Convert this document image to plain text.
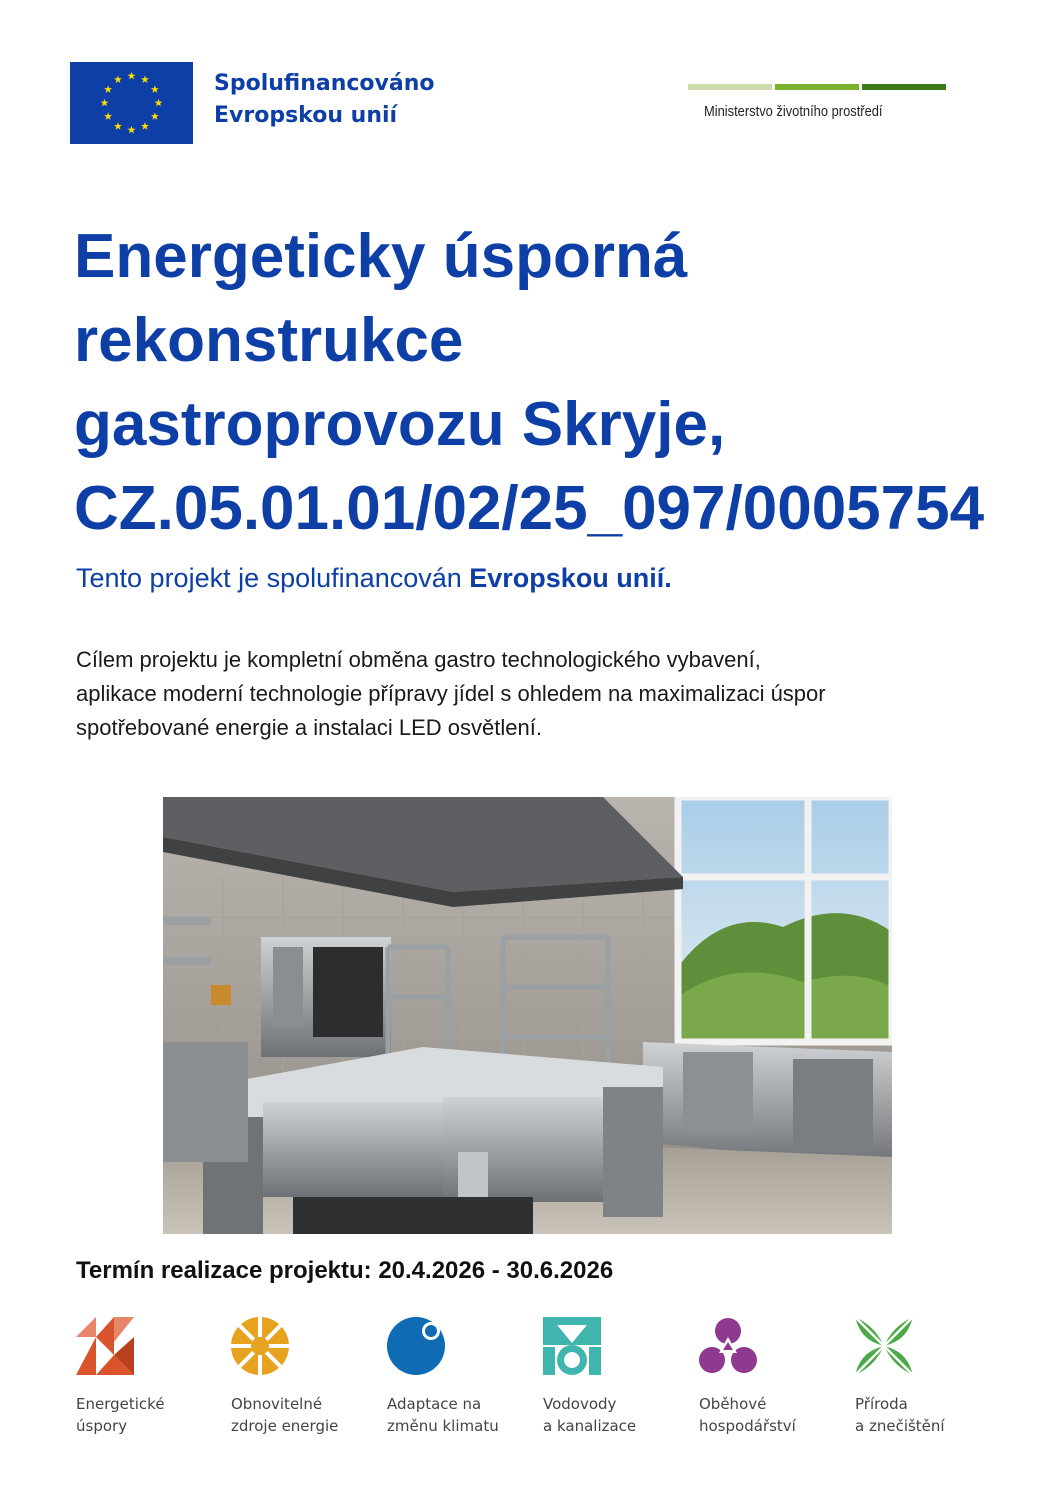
Spolufinancováno
Evropskou unií	Ministerstvo životního prostředí
Energeticky úsporná
rekonstrukce
gastroprovozu Skryje,
CZ.05.01.01/02/25_097/0005754
Tento projekt je spolufinancován Evropskou unií.
Cílem projektu je kompletní obměna gastro technologického vybavení, aplikace moderní technologie přípravy jídel s ohledem na maximalizaci úspor spotřebované energie a instalaci LED osvětlení.
Termín realizace projektu: 20.4.2026 - 30.6.2026
Energetické
úspory
Obnovitelné
zdroje energie
Adaptace na
změnu klimatu
Vodovody
a kanalizace
Oběhové
hospodářství
Příroda
a znečištění
